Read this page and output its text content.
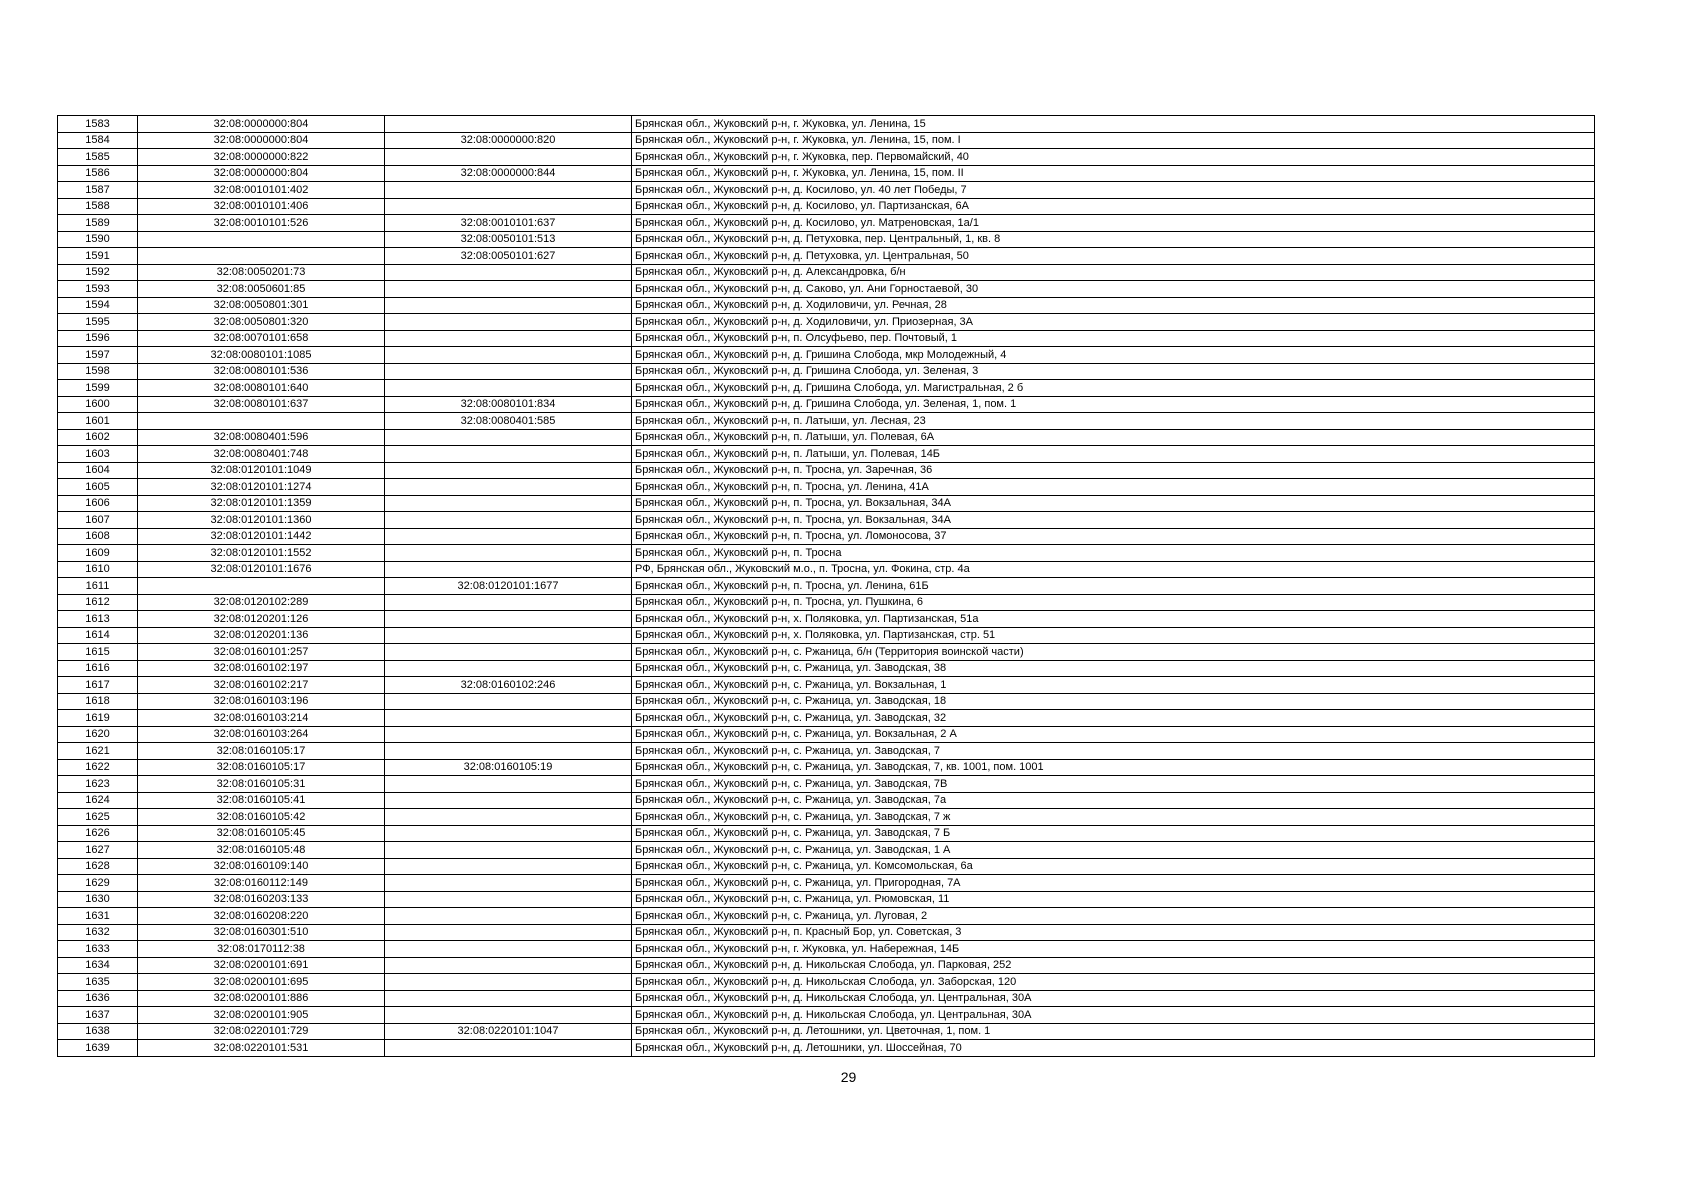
1583	32:08:0000000:804		Брянская обл., Жуковский р-н, г. Жуковка, ул. Ленина, 15
1584	32:08:0000000:804	32:08:0000000:820	Брянская обл., Жуковский р-н, г. Жуковка, ул. Ленина, 15, пом. I
1585	32:08:0000000:822		Брянская обл., Жуковский р-н, г. Жуковка, пер. Первомайский, 40
1586	32:08:0000000:804	32:08:0000000:844	Брянская обл., Жуковский р-н, г. Жуковка, ул. Ленина, 15, пом. II
1587	32:08:0010101:402		Брянская обл., Жуковский р-н, д. Косилово, ул. 40 лет Победы, 7
1588	32:08:0010101:406		Брянская обл., Жуковский р-н, д. Косилово, ул. Партизанская, 6А
1589	32:08:0010101:526	32:08:0010101:637	Брянская обл., Жуковский р-н, д. Косилово, ул. Матреновская, 1а/1
1590		32:08:0050101:513	Брянская обл., Жуковский р-н, д. Петуховка, пер. Центральный, 1, кв. 8
1591		32:08:0050101:627	Брянская обл., Жуковский р-н, д. Петуховка, ул. Центральная, 50
1592	32:08:0050201:73		Брянская обл., Жуковский р-н, д. Александровка, б/н
1593	32:08:0050601:85		Брянская обл., Жуковский р-н, д. Саково, ул. Ани Горностаевой, 30
1594	32:08:0050801:301		Брянская обл., Жуковский р-н, д. Ходиловичи, ул. Речная, 28
1595	32:08:0050801:320		Брянская обл., Жуковский р-н, д. Ходиловичи, ул. Приозерная, 3А
1596	32:08:0070101:658		Брянская обл., Жуковский р-н, п. Олсуфьево, пер. Почтовый, 1
1597	32:08:0080101:1085		Брянская обл., Жуковский р-н, д. Гришина Слобода, мкр Молодежный, 4
1598	32:08:0080101:536		Брянская обл., Жуковский р-н, д. Гришина Слобода, ул. Зеленая, 3
1599	32:08:0080101:640		Брянская обл., Жуковский р-н, д. Гришина Слобода, ул. Магистральная, 2 б
1600	32:08:0080101:637	32:08:0080101:834	Брянская обл., Жуковский р-н, д. Гришина Слобода, ул. Зеленая, 1, пом. 1
1601		32:08:0080401:585	Брянская обл., Жуковский р-н, п. Латыши, ул. Лесная, 23
1602	32:08:0080401:596		Брянская обл., Жуковский р-н, п. Латыши, ул. Полевая, 6А
1603	32:08:0080401:748		Брянская обл., Жуковский р-н, п. Латыши, ул. Полевая, 14Б
1604	32:08:0120101:1049		Брянская обл., Жуковский р-н, п. Тросна, ул. Заречная, 36
1605	32:08:0120101:1274		Брянская обл., Жуковский р-н, п. Тросна, ул. Ленина, 41А
1606	32:08:0120101:1359		Брянская обл., Жуковский р-н, п. Тросна, ул. Вокзальная, 34А
1607	32:08:0120101:1360		Брянская обл., Жуковский р-н, п. Тросна, ул. Вокзальная, 34А
1608	32:08:0120101:1442		Брянская обл., Жуковский р-н, п. Тросна, ул. Ломоносова, 37
1609	32:08:0120101:1552		Брянская обл., Жуковский р-н, п. Тросна
1610	32:08:0120101:1676		РФ, Брянская обл., Жуковский м.о., п. Тросна, ул. Фокина, стр. 4а
1611		32:08:0120101:1677	Брянская обл., Жуковский р-н, п. Тросна, ул. Ленина, 61Б
1612	32:08:0120102:289		Брянская обл., Жуковский р-н, п. Тросна, ул. Пушкина, 6
1613	32:08:0120201:126		Брянская обл., Жуковский р-н, х. Поляковка, ул. Партизанская, 51а
1614	32:08:0120201:136		Брянская обл., Жуковский р-н, х. Поляковка, ул. Партизанская, стр. 51
1615	32:08:0160101:257		Брянская обл., Жуковский р-н, с. Ржаница, б/н (Территория воинской части)
1616	32:08:0160102:197		Брянская обл., Жуковский р-н, с. Ржаница, ул. Заводская, 38
1617	32:08:0160102:217	32:08:0160102:246	Брянская обл., Жуковский р-н, с. Ржаница, ул. Вокзальная, 1
1618	32:08:0160103:196		Брянская обл., Жуковский р-н, с. Ржаница, ул. Заводская, 18
1619	32:08:0160103:214		Брянская обл., Жуковский р-н, с. Ржаница, ул. Заводская, 32
1620	32:08:0160103:264		Брянская обл., Жуковский р-н, с. Ржаница, ул. Вокзальная, 2 А
1621	32:08:0160105:17		Брянская обл., Жуковский р-н, с. Ржаница, ул. Заводская, 7
1622	32:08:0160105:17	32:08:0160105:19	Брянская обл., Жуковский р-н, с. Ржаница, ул. Заводская, 7, кв. 1001, пом. 1001
1623	32:08:0160105:31		Брянская обл., Жуковский р-н, с. Ржаница, ул. Заводская, 7В
1624	32:08:0160105:41		Брянская обл., Жуковский р-н, с. Ржаница, ул. Заводская, 7а
1625	32:08:0160105:42		Брянская обл., Жуковский р-н, с. Ржаница, ул. Заводская, 7 ж
1626	32:08:0160105:45		Брянская обл., Жуковский р-н, с. Ржаница, ул. Заводская, 7 Б
1627	32:08:0160105:48		Брянская обл., Жуковский р-н, с. Ржаница, ул. Заводская, 1 А
1628	32:08:0160109:140		Брянская обл., Жуковский р-н, с. Ржаница, ул. Комсомольская, 6а
1629	32:08:0160112:149		Брянская обл., Жуковский р-н, с. Ржаница, ул. Пригородная, 7А
1630	32:08:0160203:133		Брянская обл., Жуковский р-н, с. Ржаница, ул. Рюмовская, 11
1631	32:08:0160208:220		Брянская обл., Жуковский р-н, с. Ржаница, ул. Луговая, 2
1632	32:08:0160301:510		Брянская обл., Жуковский р-н, п. Красный Бор, ул. Советская, 3
1633	32:08:0170112:38		Брянская обл., Жуковский р-н, г. Жуковка, ул. Набережная, 14Б
1634	32:08:0200101:691		Брянская обл., Жуковский р-н, д. Никольская Слобода, ул. Парковая, 252
1635	32:08:0200101:695		Брянская обл., Жуковский р-н, д. Никольская Слобода, ул. Заборская, 120
1636	32:08:0200101:886		Брянская обл., Жуковский р-н, д. Никольская Слобода, ул. Центральная, 30А
1637	32:08:0200101:905		Брянская обл., Жуковский р-н, д. Никольская Слобода, ул. Центральная, 30А
1638	32:08:0220101:729	32:08:0220101:1047	Брянская обл., Жуковский р-н, д. Летошники, ул. Цветочная, 1, пом. 1
1639	32:08:0220101:531		Брянская обл., Жуковский р-н, д. Летошники, ул. Шоссейная, 70
29
